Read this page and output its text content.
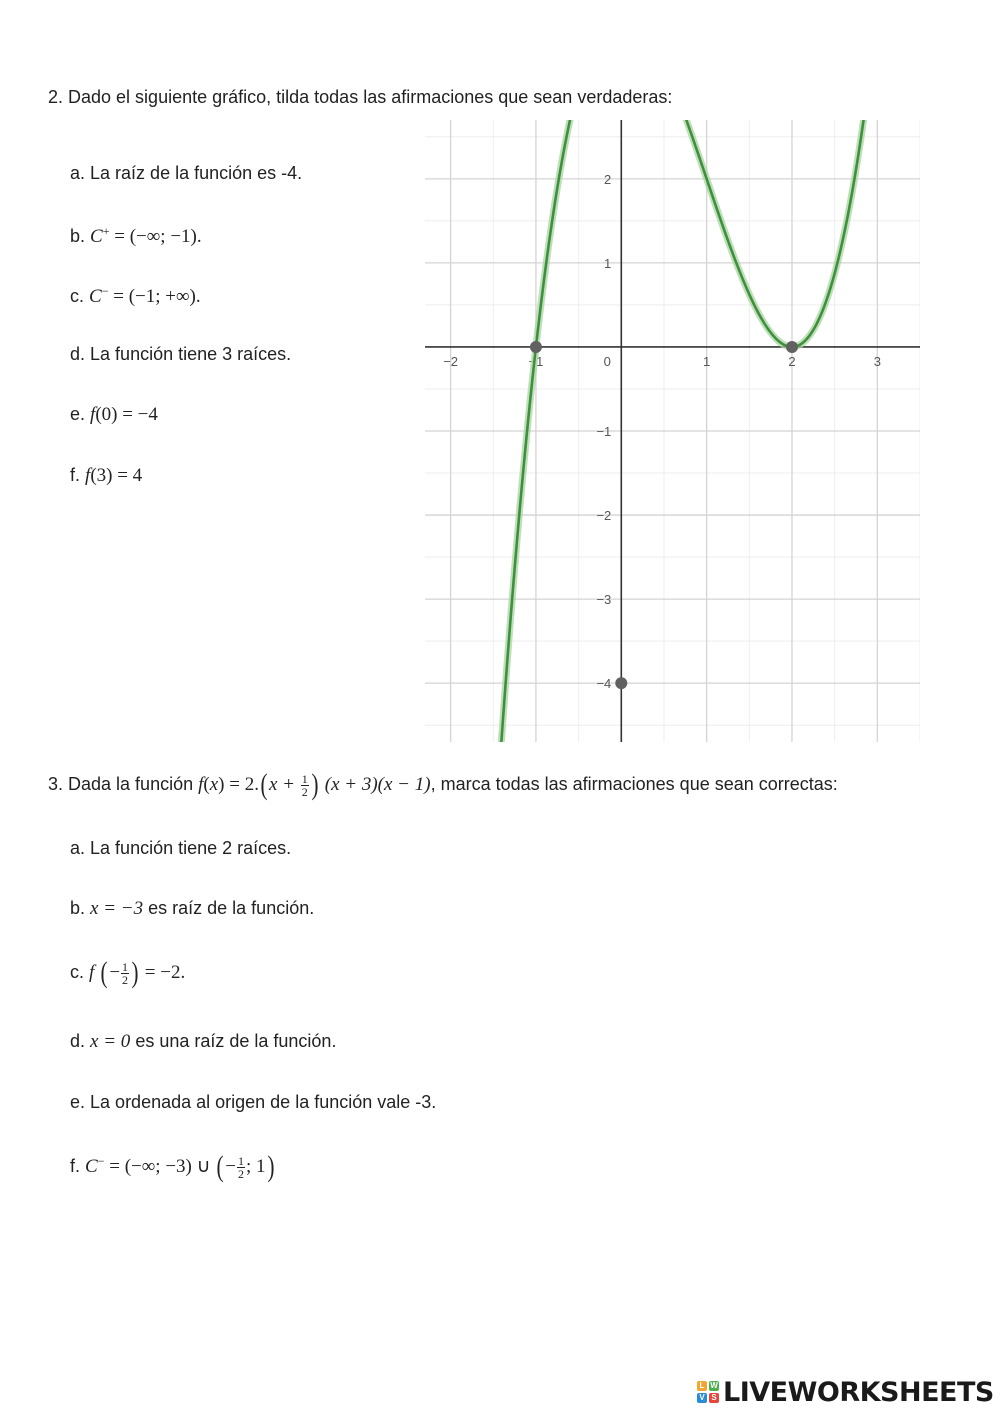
2. Dado el siguiente gráfico, tilda todas las afirmaciones que sean verdaderas:
a. La raíz de la función es -4.
b. C+ = (−∞; −1).
c. C− = (−1; +∞).
d. La función tiene 3 raíces.
e. f(0) = −4
f. f(3) = 4
−2	−1	0	1	2	3
2
1
−1
−2
−3
−4
3. Dada la función $f(x) = 2.(x + \frac{1}{2}$ ) (x + 3)(x − 1), marca todas las afirmaciones que sean correctas:
a. La función tiene 2 raíces.
b. x = −3 es raíz de la función.
c. f (− $\frac{1}{2}$ ) = −2.
d. x = 0 es una raíz de la función.
e. La ordenada al origen de la función vale -3.
f. C− = (−∞; −3) ∪ (− $\frac{1}{2}$ ; 1)
L W
V S LIVEWORKSHEETS
